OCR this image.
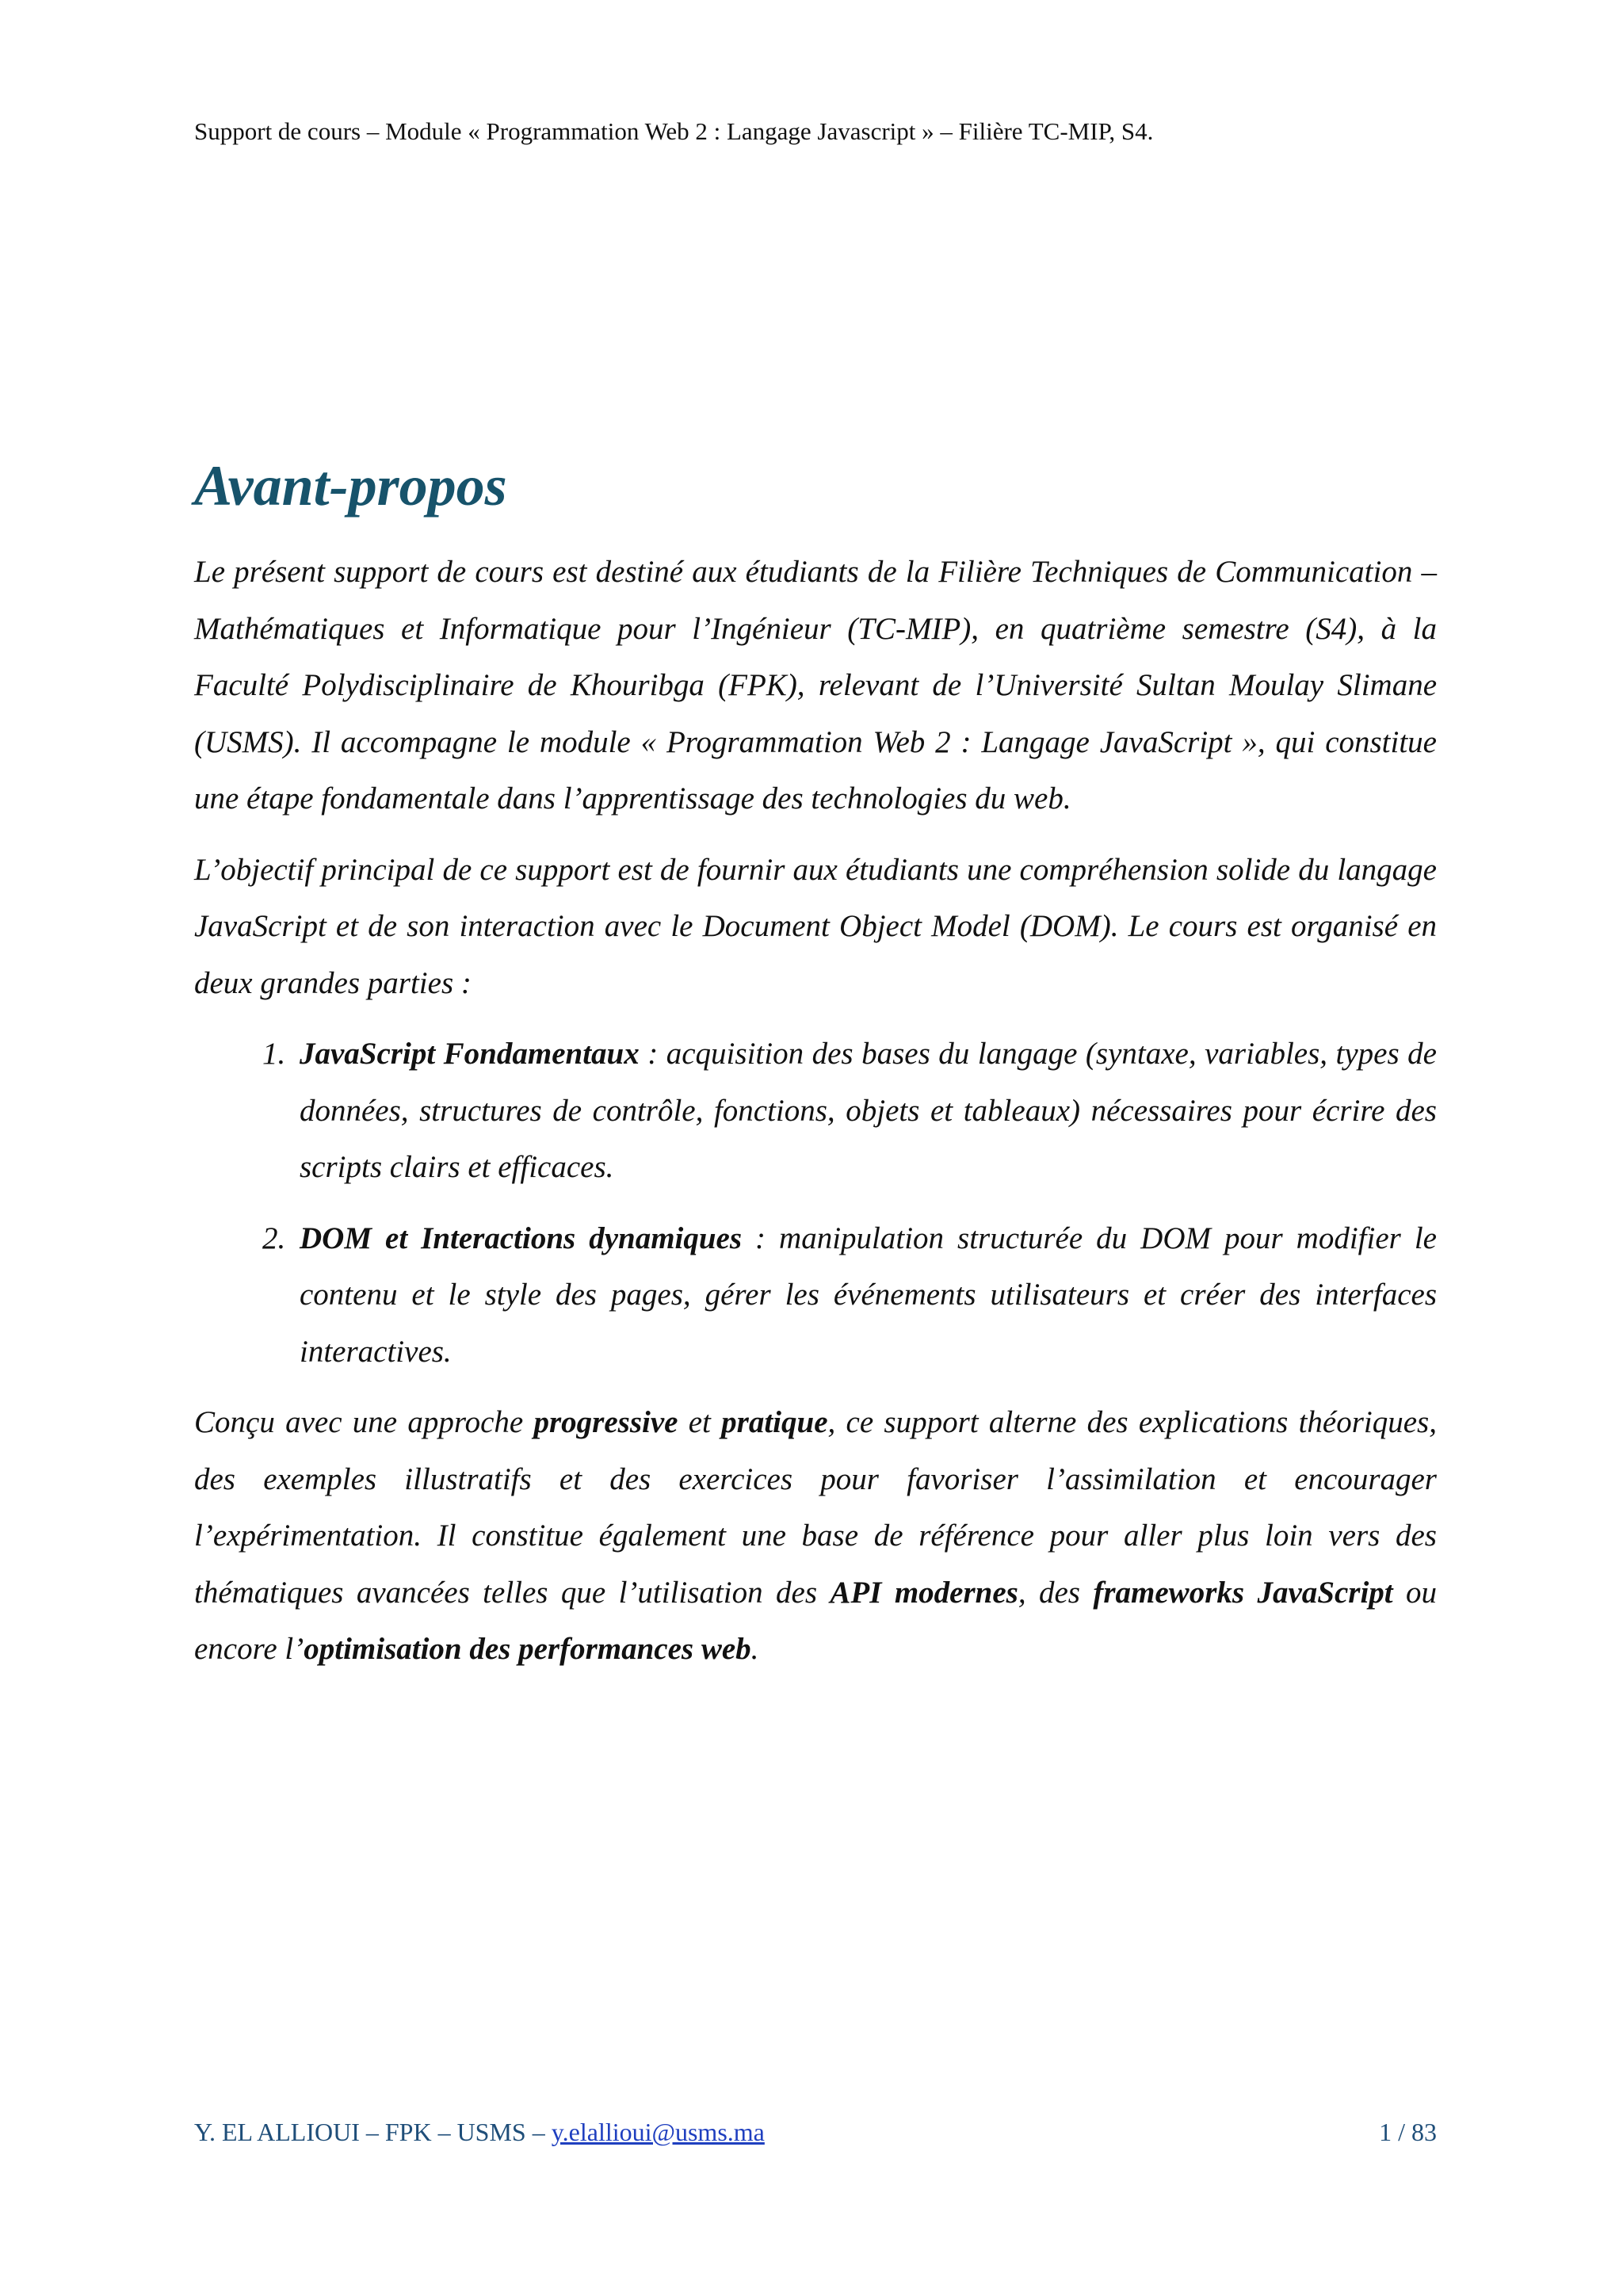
Support de cours – Module « Programmation Web 2 : Langage Javascript » – Filière TC-MIP, S4.
Avant-propos

Le présent support de cours est destiné aux étudiants de la Filière Techniques de Communication – Mathématiques et Informatique pour l’Ingénieur (TC-MIP), en quatrième semestre (S4), à la Faculté Polydisciplinaire de Khouribga (FPK), relevant de l’Université Sultan Moulay Slimane (USMS). Il accompagne le module « Programmation Web 2 : Langage JavaScript », qui constitue une étape fondamentale dans l’apprentissage des technologies du web.

L’objectif principal de ce support est de fournir aux étudiants une compréhension solide du langage JavaScript et de son interaction avec le Document Object Model (DOM). Le cours est organisé en deux grandes parties :

1. JavaScript Fondamentaux : acquisition des bases du langage (syntaxe, variables, types de données, structures de contrôle, fonctions, objets et tableaux) nécessaires pour écrire des scripts clairs et efficaces.
2. DOM et Interactions dynamiques : manipulation structurée du DOM pour modifier le contenu et le style des pages, gérer les événements utilisateurs et créer des interfaces interactives.

Conçu avec une approche progressive et pratique, ce support alterne des explications théoriques, des exemples illustratifs et des exercices pour favoriser l’assimilation et encourager l’expérimentation. Il constitue également une base de référence pour aller plus loin vers des thématiques avancées telles que l’utilisation des API modernes, des frameworks JavaScript ou encore l’optimisation des performances web.

Y. EL ALLIOUI – FPK – USMS – y.elallioui@usms.ma	1 / 83
